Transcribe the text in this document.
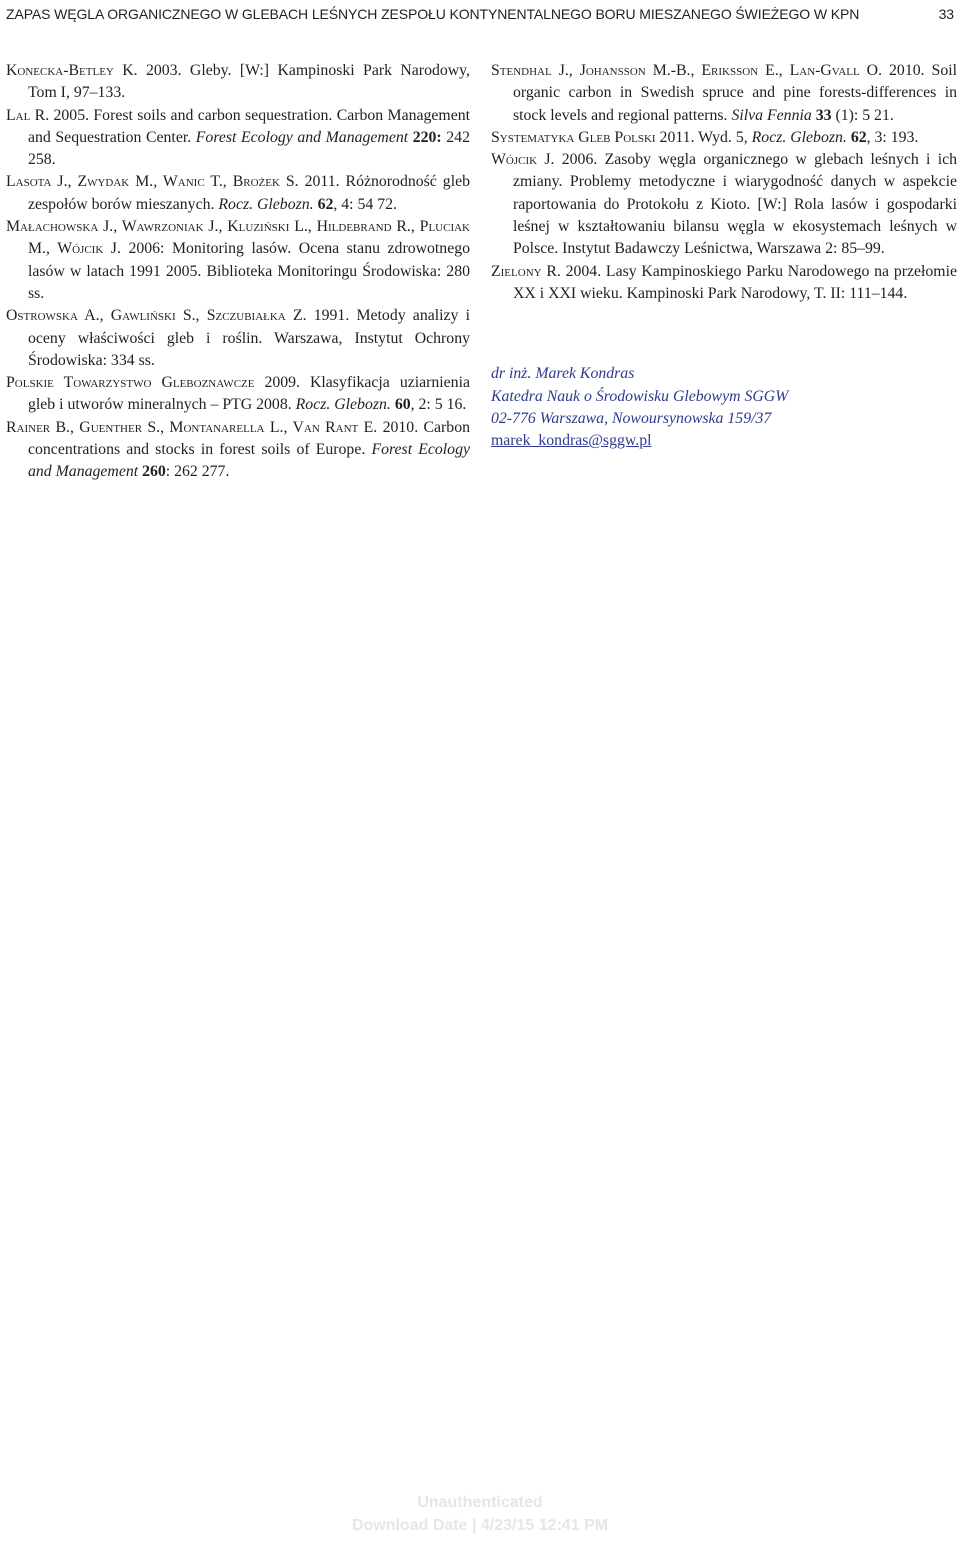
ZAPAS WĘGLA ORGANICZNEGO W GLEBACH LEŚNYCH ZESPOŁU KONTYNENTALNEGO BORU MIESZANEGO ŚWIEŻEGO W KPN	33

Konecka-Betley K. 2003. Gleby. [W:] Kampinoski Park Narodowy, Tom I, 97–133.

Lal R. 2005. Forest soils and carbon sequestration. Carbon Management and Sequestration Center. Forest Ecology and Management 220: 242 258.

Lasota J., Zwydak M., Wanic T., Brożek S. 2011. Różnorodność gleb zespołów borów mieszanych. Rocz. Glebozn. 62, 4: 54 72.

Małachowska J., Wawrzoniak J., Kluziński L., Hildebrand R., Pluciak M., Wójcik J. 2006: Monitoring lasów. Ocena stanu zdrowotnego lasów w latach 1991 2005. Biblioteka Monitoringu Środowiska: 280 ss.

Ostrowska A., Gawliński S., Szczubiałka Z. 1991. Metody analizy i oceny właściwości gleb i roślin. Warszawa, Instytut Ochrony Środowiska: 334 ss.

Polskie Towarzystwo Gleboznawcze 2009. Klasyfikacja uziarnienia gleb i utworów mineralnych – PTG 2008. Rocz. Glebozn. 60, 2: 5 16.

Rainer B., Guenther S., Montanarella L., Van Rant E. 2010. Carbon concentrations and stocks in forest soils of Europe. Forest Ecology and Management 260: 262 277.

Stendhal J., Johansson M.-B., Eriksson E., Lan-Gvall O. 2010. Soil organic carbon in Swedish spruce and pine forests-differences in stock levels and regional patterns. Silva Fennia 33 (1): 5 21.

Systematyka Gleb Polski 2011. Wyd. 5, Rocz. Glebozn. 62, 3: 193.

Wójcik J. 2006. Zasoby węgla organicznego w glebach leśnych i ich zmiany. Problemy metodyczne i wiarygodność danych w aspekcie raportowania do Protokołu z Kioto. [W:] Rola lasów i gospodarki leśnej w kształtowaniu bilansu węgla w ekosystemach leśnych w Polsce. Instytut Badawczy Leśnictwa, Warszawa 2: 85–99.

Zielony R. 2004. Lasy Kampinoskiego Parku Narodowego na przełomie XX i XXI wieku. Kampinoski Park Narodowy, T. II: 111–144.

dr inż. Marek Kondras
Katedra Nauk o Środowisku Glebowym SGGW
02-776 Warszawa, Nowoursynowska 159/37
marek_kondras@sggw.pl
Unauthenticated
Download Date | 4/23/15 12:41 PM
